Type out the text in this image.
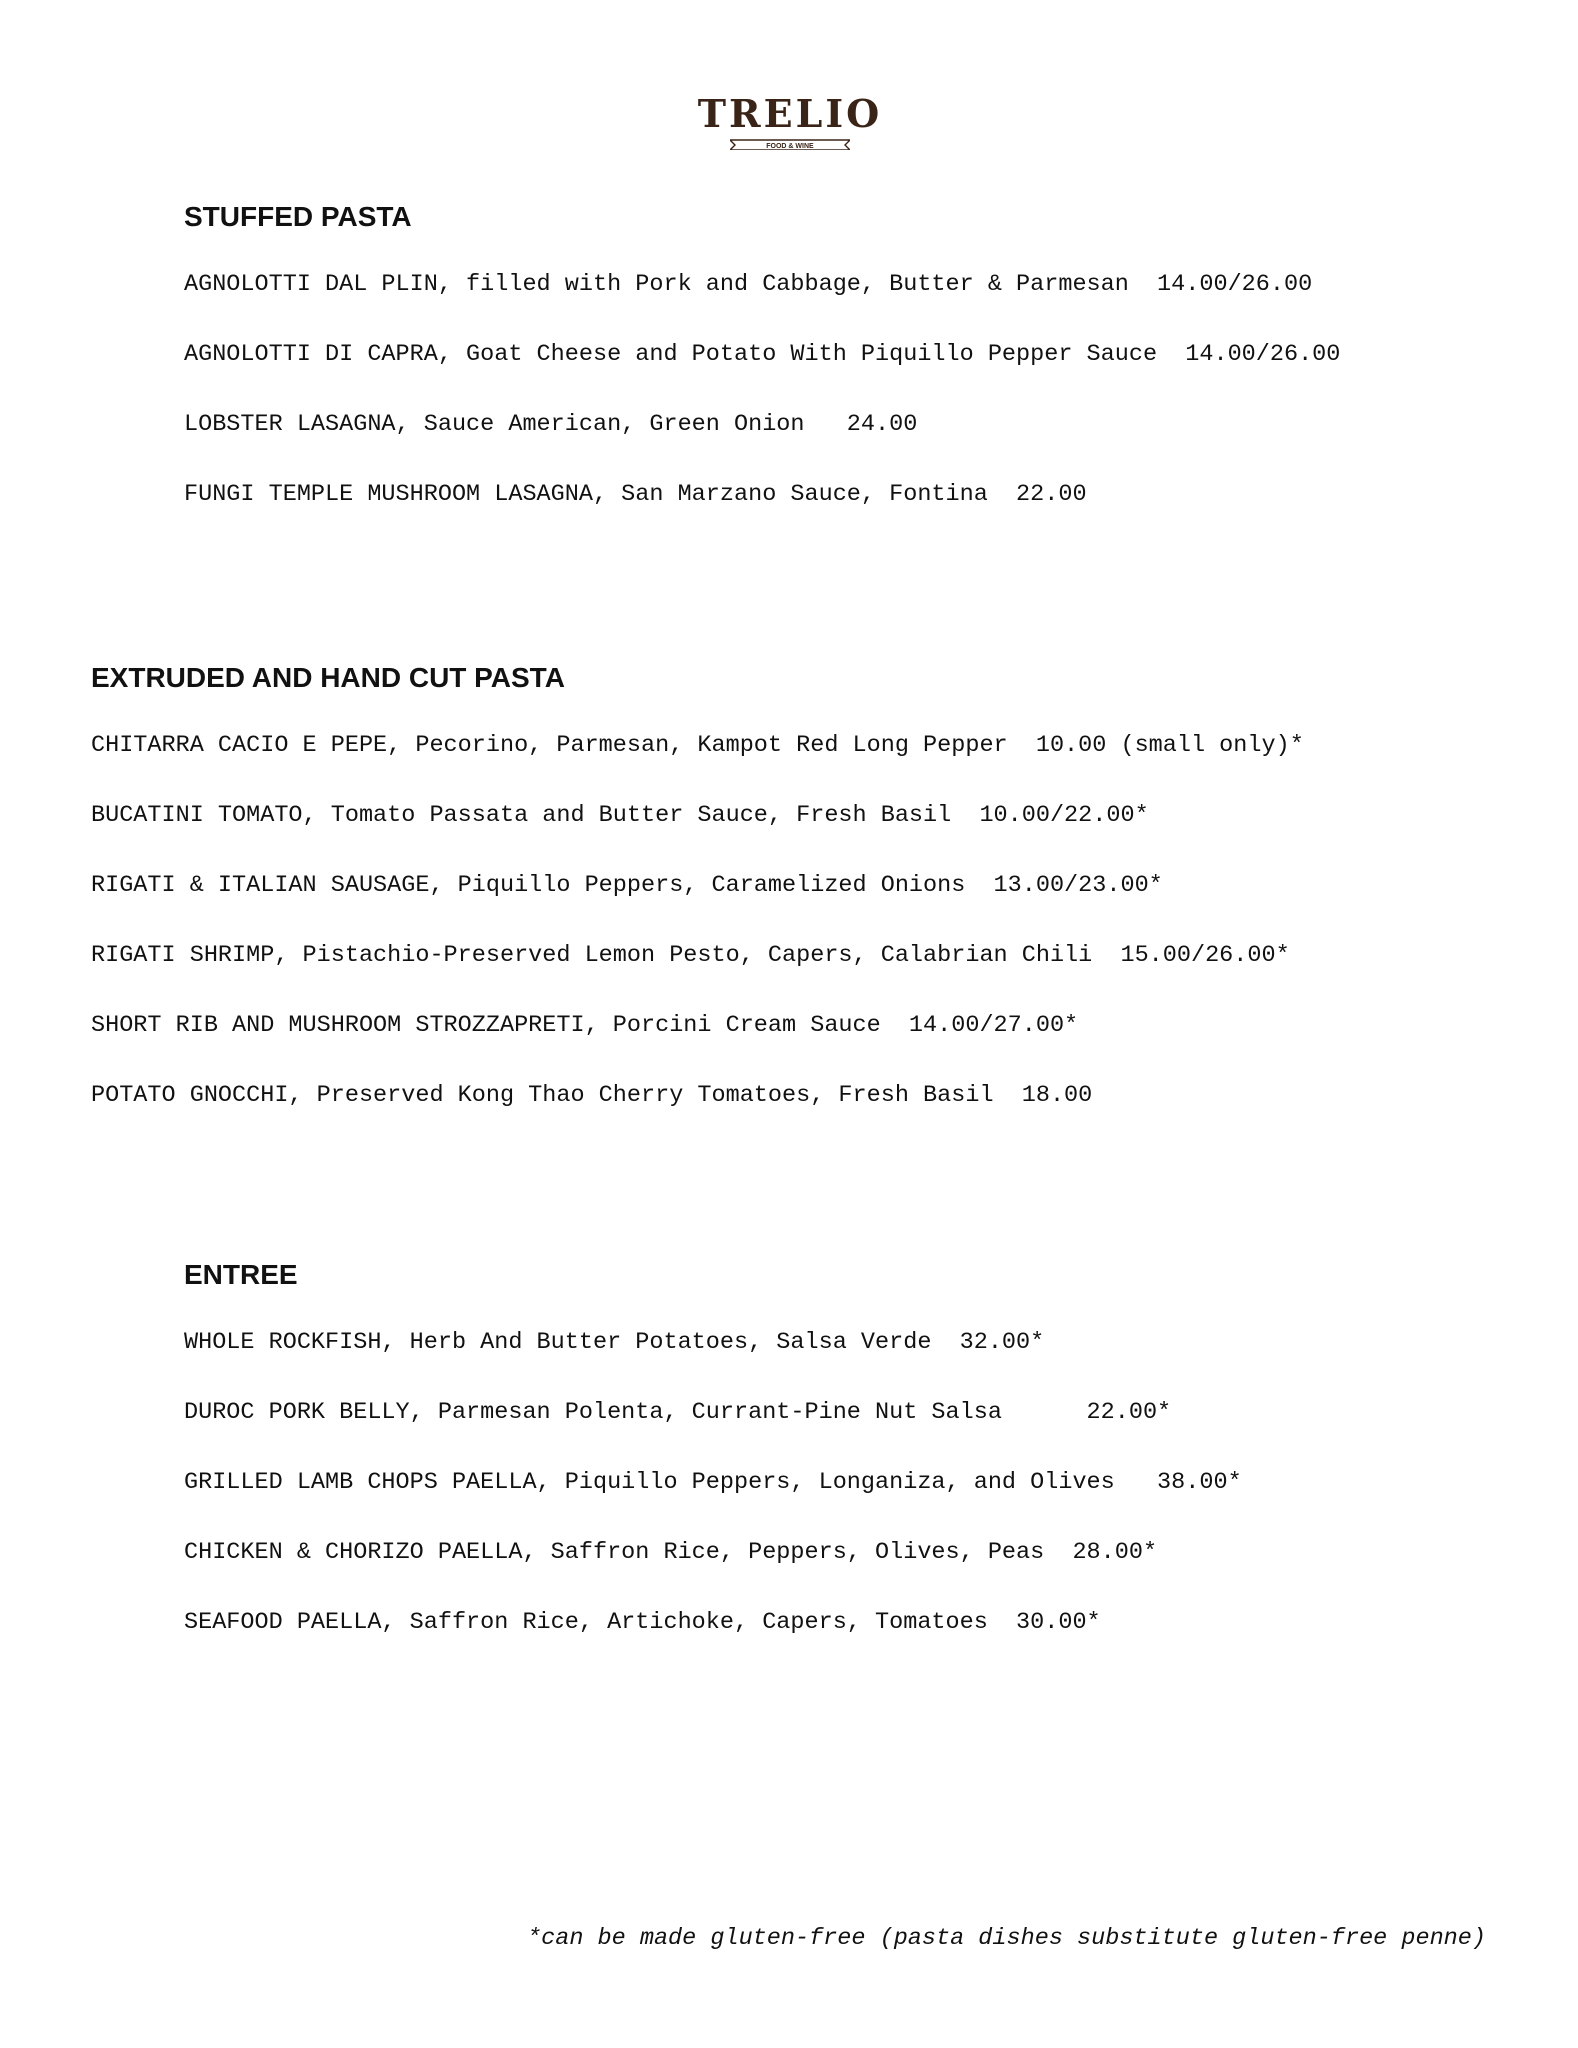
TRELIO
FOOD & WINE
STUFFED PASTA
AGNOLOTTI DAL PLIN, filled with Pork and Cabbage, Butter & Parmesan  14.00/26.00
AGNOLOTTI DI CAPRA, Goat Cheese and Potato With Piquillo Pepper Sauce  14.00/26.00
LOBSTER LASAGNA, Sauce American, Green Onion   24.00
FUNGI TEMPLE MUSHROOM LASAGNA, San Marzano Sauce, Fontina  22.00
EXTRUDED AND HAND CUT PASTA
CHITARRA CACIO E PEPE, Pecorino, Parmesan, Kampot Red Long Pepper  10.00 (small only)*
BUCATINI TOMATO, Tomato Passata and Butter Sauce, Fresh Basil  10.00/22.00*
RIGATI & ITALIAN SAUSAGE, Piquillo Peppers, Caramelized Onions  13.00/23.00*
RIGATI SHRIMP, Pistachio-Preserved Lemon Pesto, Capers, Calabrian Chili  15.00/26.00*
SHORT RIB AND MUSHROOM STROZZAPRETI, Porcini Cream Sauce  14.00/27.00*
POTATO GNOCCHI, Preserved Kong Thao Cherry Tomatoes, Fresh Basil  18.00
ENTREE
WHOLE ROCKFISH, Herb And Butter Potatoes, Salsa Verde  32.00*
DUROC PORK BELLY, Parmesan Polenta, Currant-Pine Nut Salsa      22.00*
GRILLED LAMB CHOPS PAELLA, Piquillo Peppers, Longaniza, and Olives   38.00*
CHICKEN & CHORIZO PAELLA, Saffron Rice, Peppers, Olives, Peas  28.00*
SEAFOOD PAELLA, Saffron Rice, Artichoke, Capers, Tomatoes  30.00*
*can be made gluten-free (pasta dishes substitute gluten-free penne)
